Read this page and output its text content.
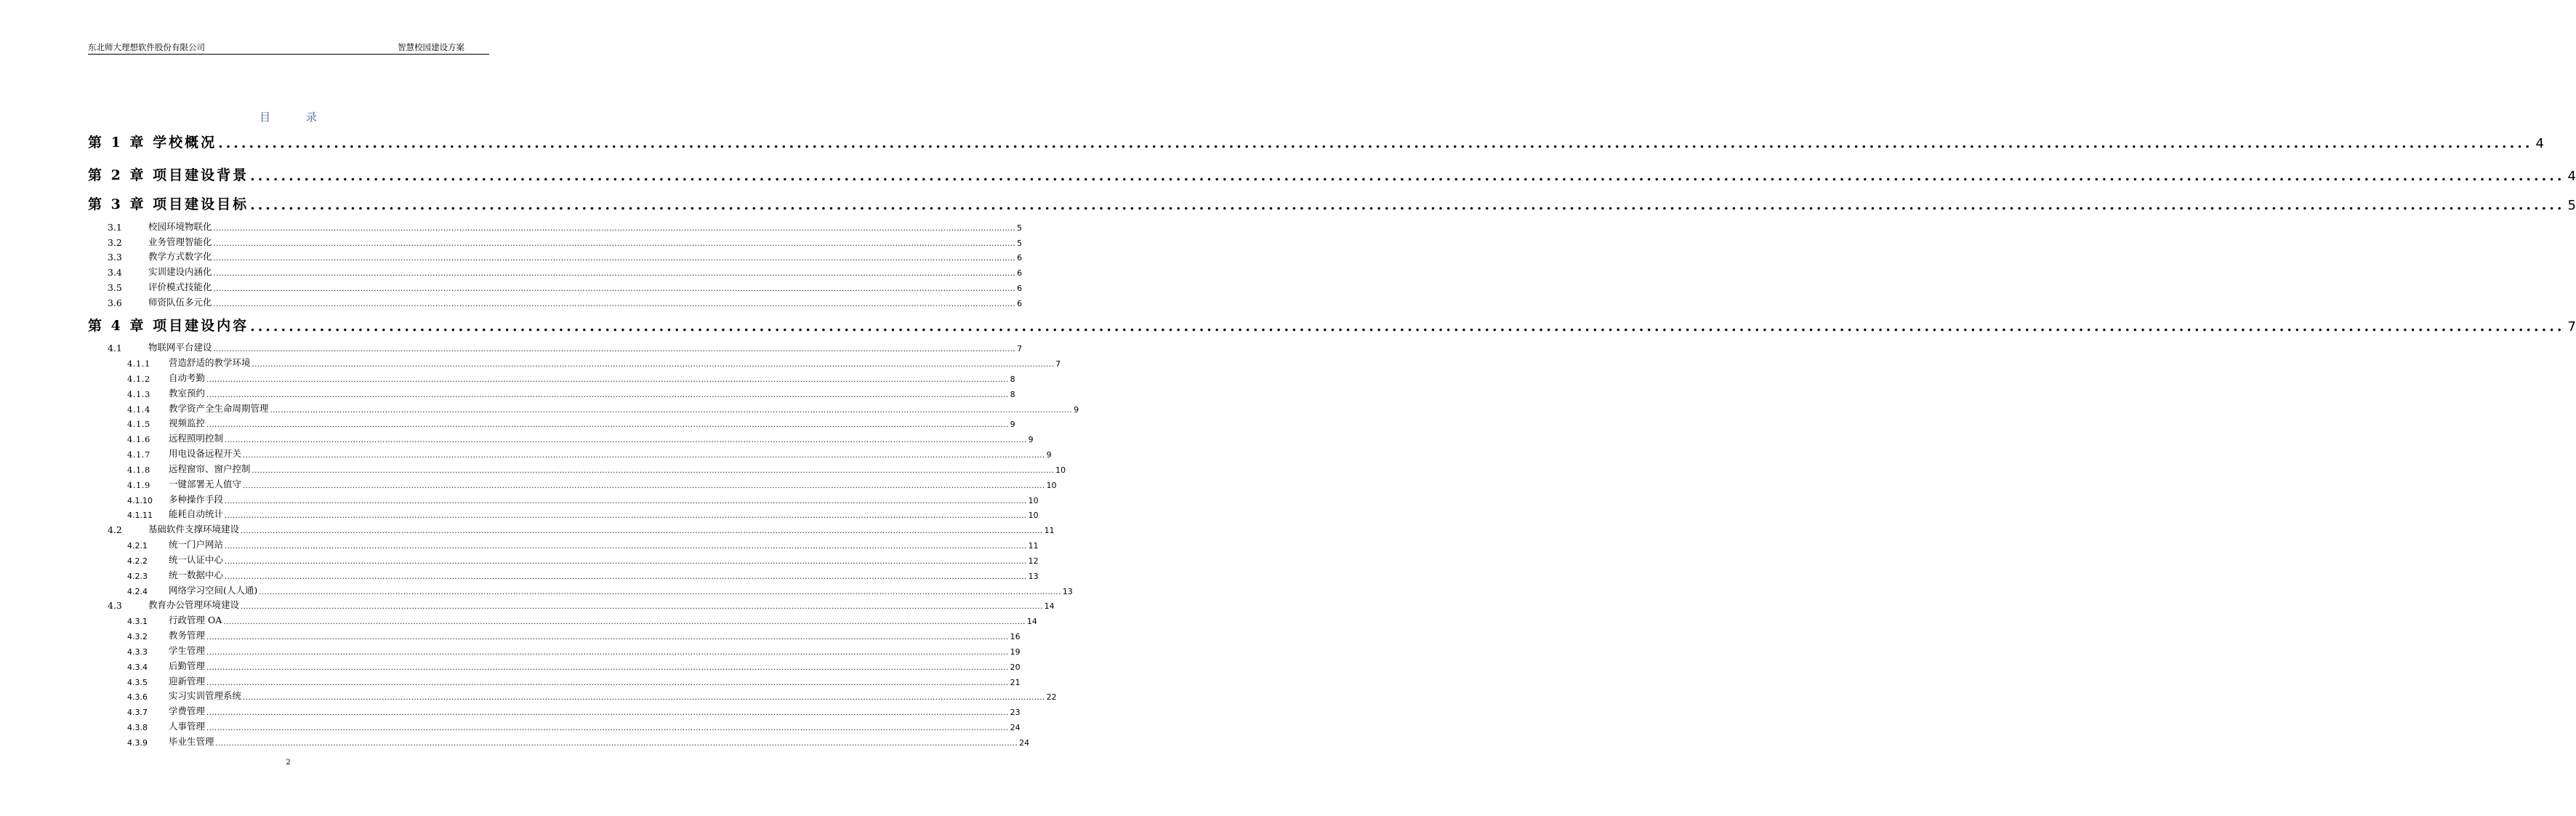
东北师大理想软件股份有限公司	智慧校园建设方案
目 录
第 1 章 学校概况 ............................................................................................................................................................................................................................................................................................................ 4
第 2 章 项目建设背景 ............................................................................................................................................................................................................................................................................................................ 4
第 3 章 项目建设目标 ............................................................................................................................................................................................................................................................................................................ 5
3.1	校园环境物联化 ............................................................................................................................................................................................................................................................................................................ 5
3.2	业务管理智能化 ............................................................................................................................................................................................................................................................................................................ 5
3.3	教学方式数字化 ............................................................................................................................................................................................................................................................................................................ 6
3.4	实训建设内涵化 ............................................................................................................................................................................................................................................................................................................ 6
3.5	评价模式技能化 ............................................................................................................................................................................................................................................................................................................ 6
3.6	师资队伍多元化 ............................................................................................................................................................................................................................................................................................................ 6
第 4 章 项目建设内容 ............................................................................................................................................................................................................................................................................................................ 7
4.1	物联网平台建设 ............................................................................................................................................................................................................................................................................................................ 7
4.1.1	营造舒适的教学环境 ............................................................................................................................................................................................................................................................................................................ 7
4.1.2	自动考勤 ............................................................................................................................................................................................................................................................................................................ 8
4.1.3	教室预约 ............................................................................................................................................................................................................................................................................................................ 8
4.1.4	教学资产全生命周期管理 ............................................................................................................................................................................................................................................................................................................ 9
4.1.5	视频监控 ............................................................................................................................................................................................................................................................................................................ 9
4.1.6	远程照明控制 ............................................................................................................................................................................................................................................................................................................ 9
4.1.7	用电设备远程开关 ............................................................................................................................................................................................................................................................................................................ 9
4.1.8	远程窗帘、窗户控制 ............................................................................................................................................................................................................................................................................................................ 10
4.1.9	一键部署无人值守 ............................................................................................................................................................................................................................................................................................................ 10
4.1.10	多种操作手段 ............................................................................................................................................................................................................................................................................................................ 10
4.1.11	能耗自动统计 ............................................................................................................................................................................................................................................................................................................ 10
4.2	基础软件支撑环境建设 ............................................................................................................................................................................................................................................................................................................ 11
4.2.1	统一门户网站 ............................................................................................................................................................................................................................................................................................................ 11
4.2.2	统一认证中心 ............................................................................................................................................................................................................................................................................................................ 12
4.2.3	统一数据中心 ............................................................................................................................................................................................................................................................................................................ 13
4.2.4	网络学习空间(人人通) ............................................................................................................................................................................................................................................................................................................ 13
4.3	教育办公管理环境建设 ............................................................................................................................................................................................................................................................................................................ 14
4.3.1	行政管理 OA ............................................................................................................................................................................................................................................................................................................ 14
4.3.2	教务管理 ............................................................................................................................................................................................................................................................................................................ 16
4.3.3	学生管理 ............................................................................................................................................................................................................................................................................................................ 19
4.3.4	后勤管理 ............................................................................................................................................................................................................................................................................................................ 20
4.3.5	迎新管理 ............................................................................................................................................................................................................................................................................................................ 21
4.3.6	实习实训管理系统 ............................................................................................................................................................................................................................................................................................................ 22
4.3.7	学费管理 ............................................................................................................................................................................................................................................................................................................ 23
4.3.8	人事管理 ............................................................................................................................................................................................................................................................................................................ 24
4.3.9	毕业生管理 ............................................................................................................................................................................................................................................................................................................ 24
2
